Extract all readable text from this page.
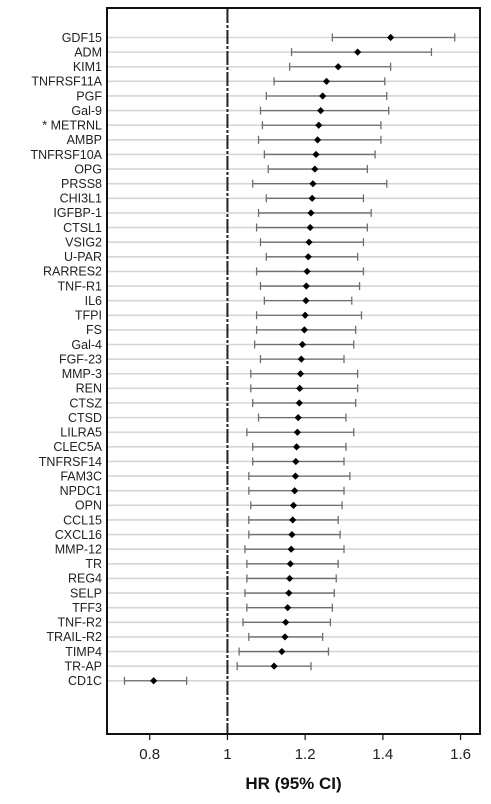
GDF15
ADM
KIM1
TNFRSF11A
PGF
Gal-9
* METRNL
AMBP
TNFRSF10A
OPG
PRSS8
CHI3L1
IGFBP-1
CTSL1
VSIG2
U-PAR
RARRES2
TNF-R1
IL6
TFPI
FS
Gal-4
FGF-23
MMP-3
REN
CTSZ
CTSD
LILRA5
CLEC5A
TNFRSF14
FAM3C
NPDC1
OPN
CCL15
CXCL16
MMP-12
TR
REG4
SELP
TFF3
TNF-R2
TRAIL-R2
TIMP4
TR-AP
CD1C
0.8	1	1.2	1.4	1.6
HR (95% CI)
